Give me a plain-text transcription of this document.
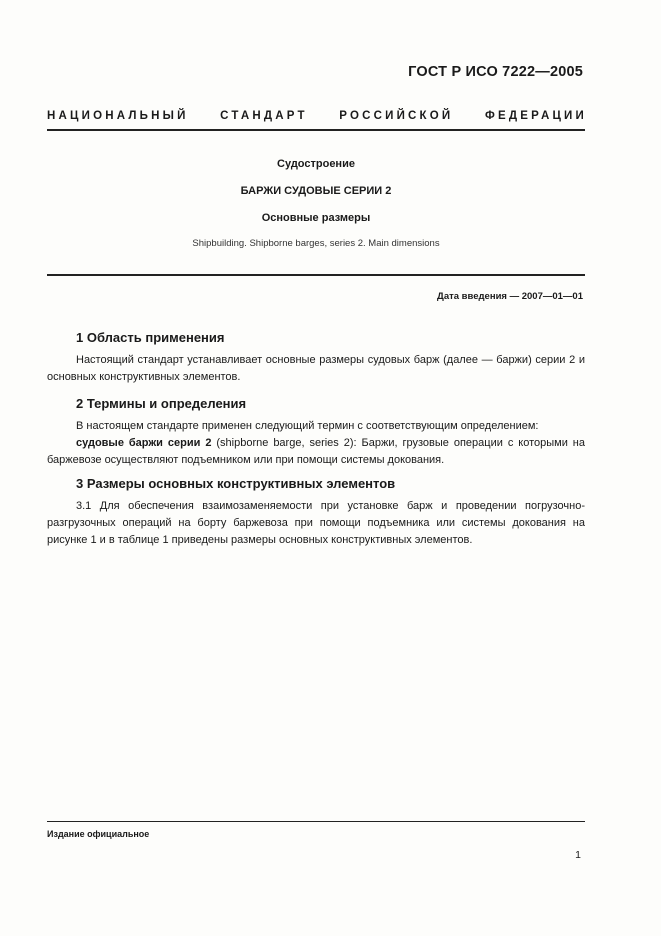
ГОСТ Р ИСО 7222—2005
НАЦИОНАЛЬНЫЙ СТАНДАРТ РОССИЙСКОЙ ФЕДЕРАЦИИ
Судостроение
БАРЖИ СУДОВЫЕ СЕРИИ 2
Основные размеры
Shipbuilding. Shipborne barges, series 2. Main dimensions
Дата введения — 2007—01—01
1 Область применения

Настоящий стандарт устанавливает основные размеры судовых барж (далее — баржи) серии 2 и основных конструктивных элементов.

2 Термины и определения

В настоящем стандарте применен следующий термин с соответствующим определением:

судовые баржи серии 2 (shipborne barge, series 2): Баржи, грузовые операции с которыми на баржевозе осуществляют подъемником или при помощи системы докования.

3 Размеры основных конструктивных элементов

3.1 Для обеспечения взаимозаменяемости при установке барж и проведении погрузочно-разгрузочных операций на борту баржевоза при помощи подъемника или системы докования на рисунке 1 и в таблице 1 приведены размеры основных конструктивных элементов.

Издание официальное
1
